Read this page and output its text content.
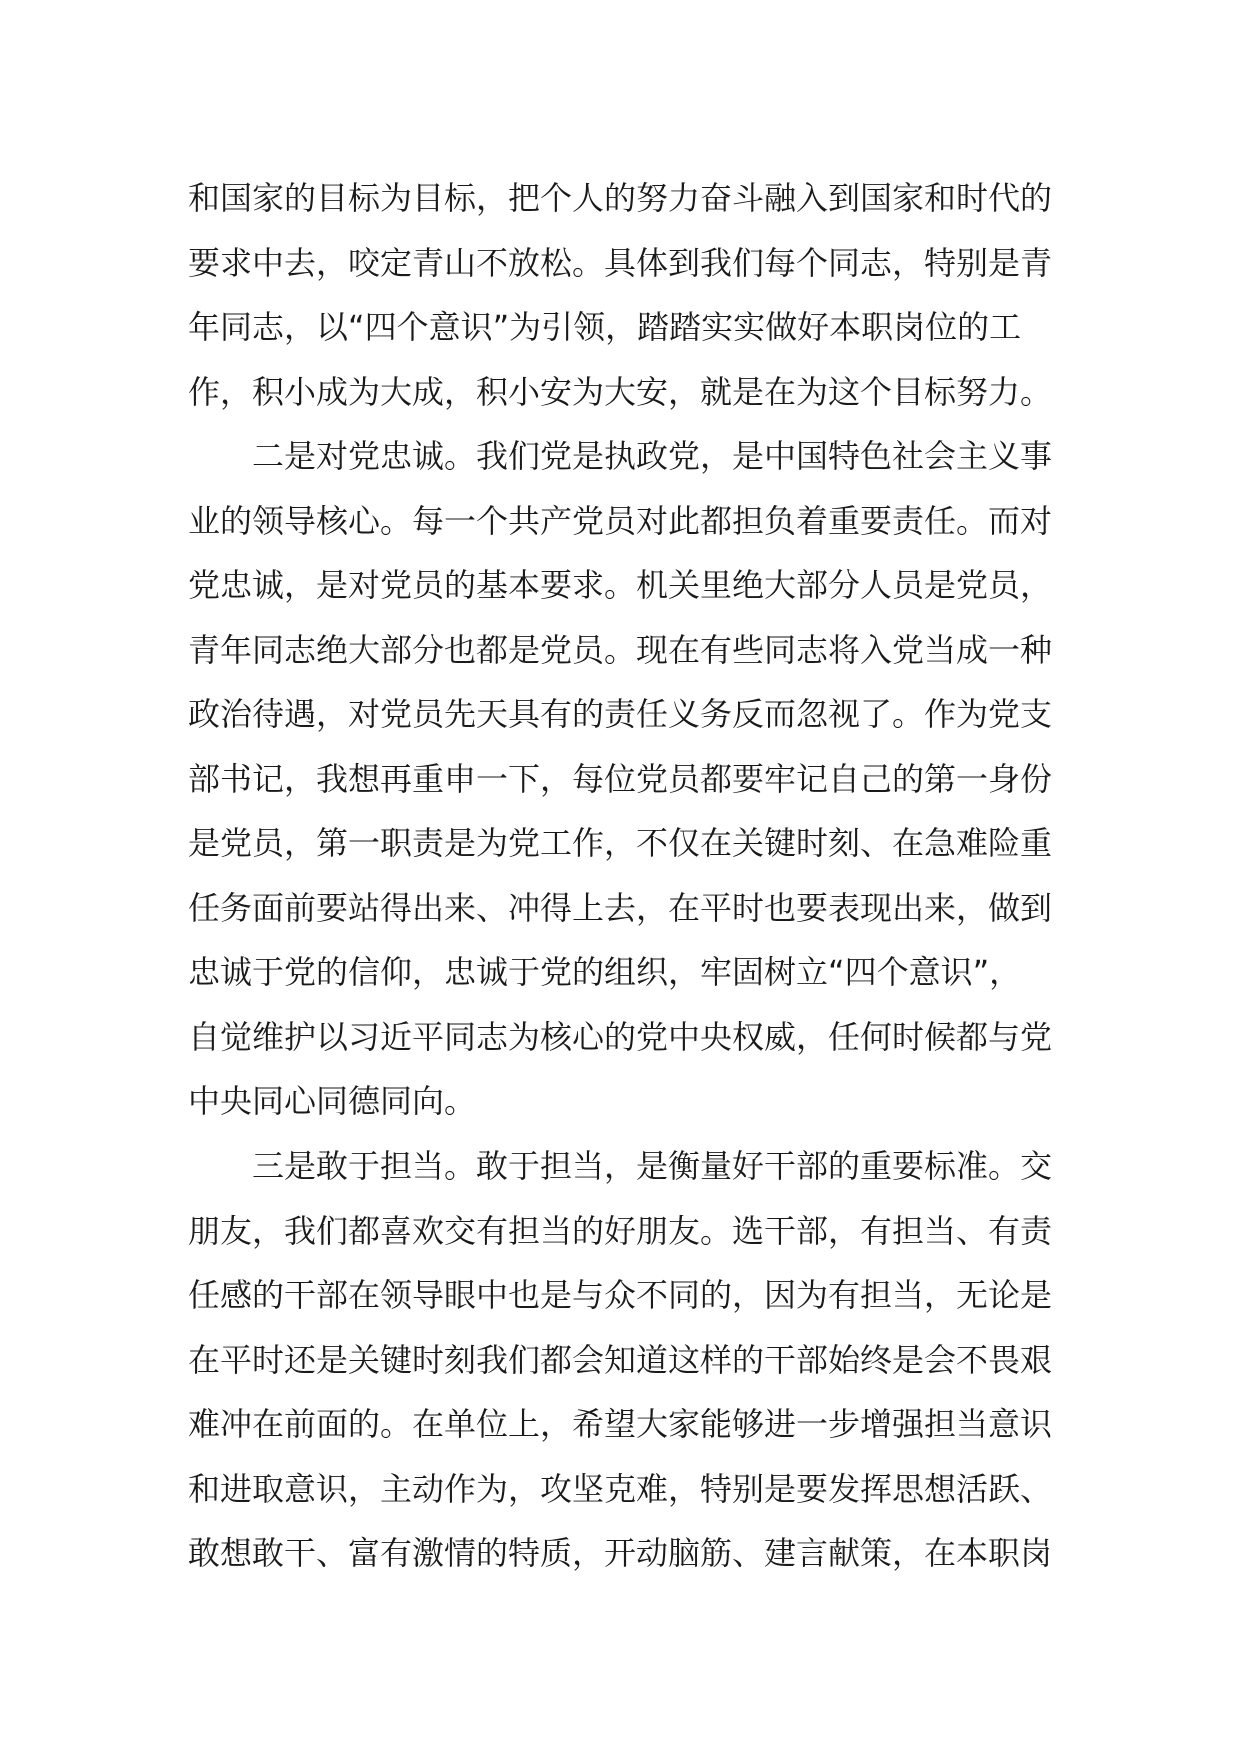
和国家的目标为目标，把个人的努力奋斗融入到国家和时代的
要求中去，咬定青山不放松。具体到我们每个同志，特别是青
年同志，以“四个意识”为引领，踏踏实实做好本职岗位的工
作，积小成为大成，积小安为大安，就是在为这个目标努力。
　　二是对党忠诚。我们党是执政党，是中国特色社会主义事
业的领导核心。每一个共产党员对此都担负着重要责任。而对
党忠诚，是对党员的基本要求。机关里绝大部分人员是党员，
青年同志绝大部分也都是党员。现在有些同志将入党当成一种
政治待遇，对党员先天具有的责任义务反而忽视了。作为党支
部书记，我想再重申一下，每位党员都要牢记自己的第一身份
是党员，第一职责是为党工作，不仅在关键时刻、在急难险重
任务面前要站得出来、冲得上去，在平时也要表现出来，做到
忠诚于党的信仰，忠诚于党的组织，牢固树立“四个意识”，
自觉维护以习近平同志为核心的党中央权威，任何时候都与党
中央同心同德同向。
　　三是敢于担当。敢于担当，是衡量好干部的重要标准。交
朋友，我们都喜欢交有担当的好朋友。选干部，有担当、有责
任感的干部在领导眼中也是与众不同的，因为有担当，无论是
在平时还是关键时刻我们都会知道这样的干部始终是会不畏艰
难冲在前面的。在单位上，希望大家能够进一步增强担当意识
和进取意识，主动作为，攻坚克难，特别是要发挥思想活跃、
敢想敢干、富有激情的特质，开动脑筋、建言献策，在本职岗
